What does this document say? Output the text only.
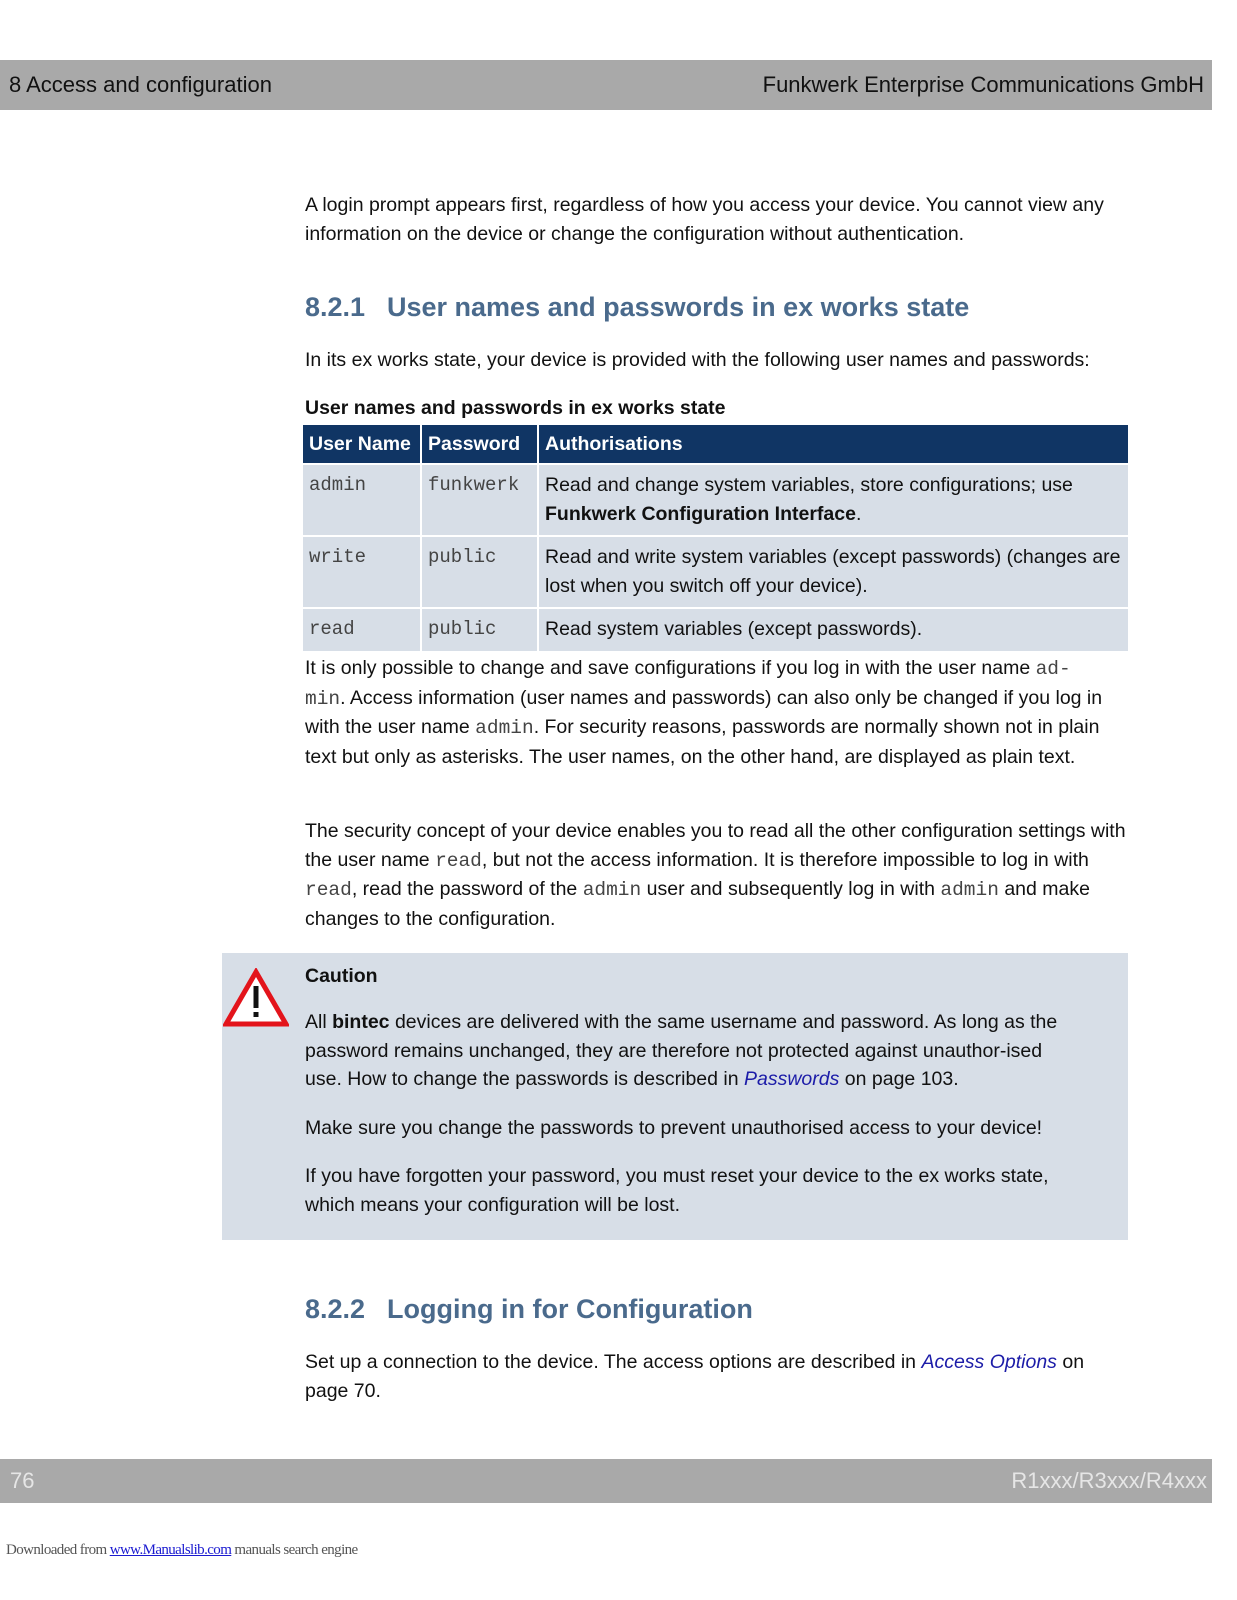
8 Access and configuration	Funkwerk Enterprise Communications GmbH

A login prompt appears first, regardless of how you access your device. You cannot view any information on the device or change the configuration without authentication.

8.2.1 User names and passwords in ex works state

In its ex works state, your device is provided with the following user names and passwords:

User names and passwords in ex works state
User Name	Password	Authorisations
admin	funkwerk	Read and change system variables, store configurations; use Funkwerk Configuration Interface.
write	public	Read and write system variables (except passwords) (changes are lost when you switch off your device).
read	public	Read system variables (except passwords).

It is only possible to change and save configurations if you log in with the user name ad-
min. Access information (user names and passwords) can also only be changed if you log in with the user name admin. For security reasons, passwords are normally shown not in plain text but only as asterisks. The user names, on the other hand, are displayed as plain text.

The security concept of your device enables you to read all the other configuration settings with the user name read, but not the access information. It is therefore impossible to log in with read, read the password of the admin user and subsequently log in with admin and make changes to the configuration.

Caution

All bintec devices are delivered with the same username and password. As long as the password remains unchanged, they are therefore not protected against unauthor-ised use. How to change the passwords is described in Passwords on page 103.

Make sure you change the passwords to prevent unauthorised access to your device!

If you have forgotten your password, you must reset your device to the ex works state, which means your configuration will be lost.

8.2.2 Logging in for Configuration

Set up a connection to the device. The access options are described in Access Options on page 70.

76	R1xxx/R3xxx/R4xxx
Downloaded from www.Manualslib.com manuals search engine
